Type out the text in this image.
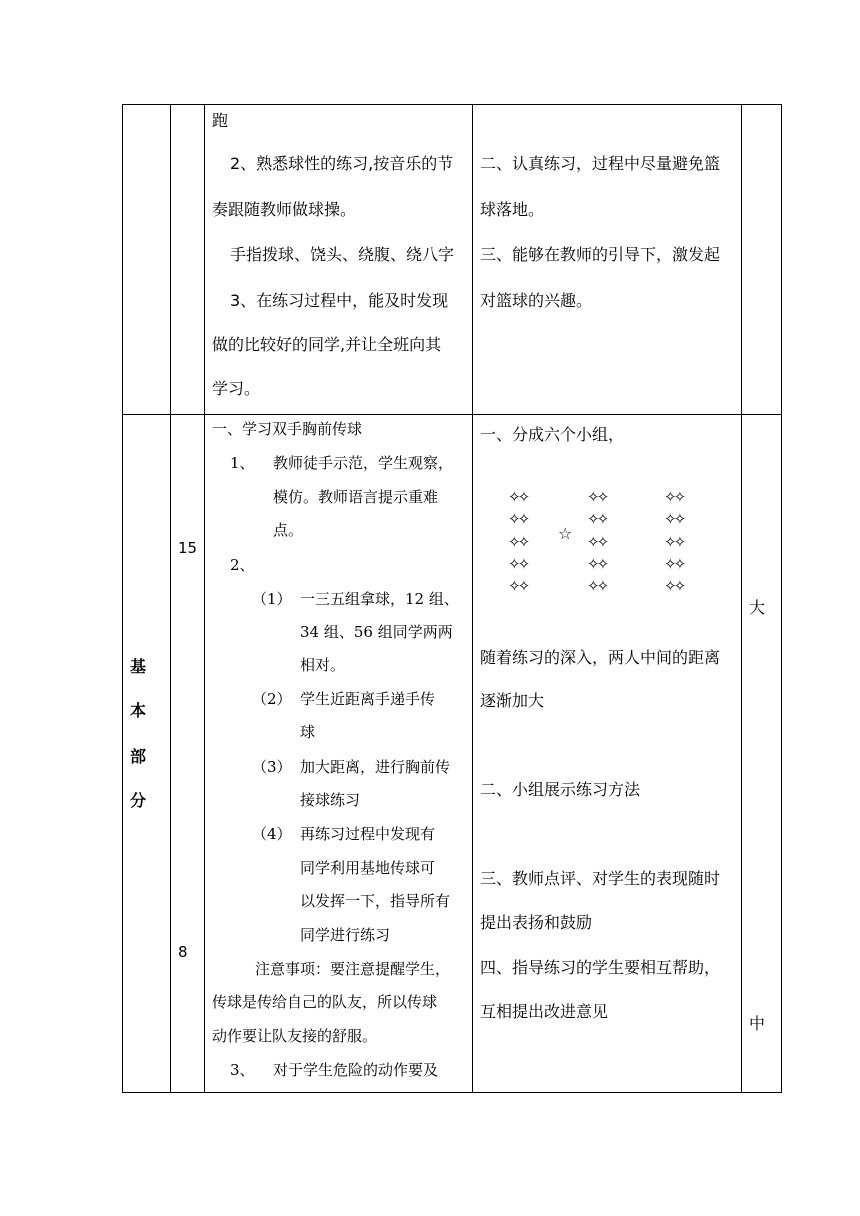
跑
2、熟悉球性的练习,按音乐的节
奏跟随教师做球操。
手指拨球、饶头、绕腹、绕八字
3、在练习过程中，能及时发现
做的比较好的同学,并让全班向其
学习。
二、认真练习，过程中尽量避免篮
球落地。
三、能够在教师的引导下，激发起
对篮球的兴趣。
基
本
部
分
15
8
一、学习双手胸前传球
1、 教师徒手示范，学生观察，
模仿。教师语言提示重难
点。
2、
（1） 一三五组拿球，12 组、
34 组、56 组同学两两
相对。
（2） 学生近距离手递手传
球
（3） 加大距离，进行胸前传
接球练习
（4） 再练习过程中发现有
同学利用基地传球可
以发挥一下，指导所有
同学进行练习
注意事项：要注意提醒学生，
传球是传给自己的队友，所以传球
动作要让队友接的舒服。
3、 对于学生危险的动作要及
一、分成六个小组，
✧✧
✧✧
✧✧
✧✧
✧✧
✧✧
✧✧
✧✧
✧✧
✧✧
✧✧
✧✧
✧✧
✧✧
✧✧
☆
随着练习的深入，两人中间的距离
逐渐加大
二、小组展示练习方法
三、教师点评、对学生的表现随时
提出表扬和鼓励
四、指导练习的学生要相互帮助，
互相提出改进意见
大
中
